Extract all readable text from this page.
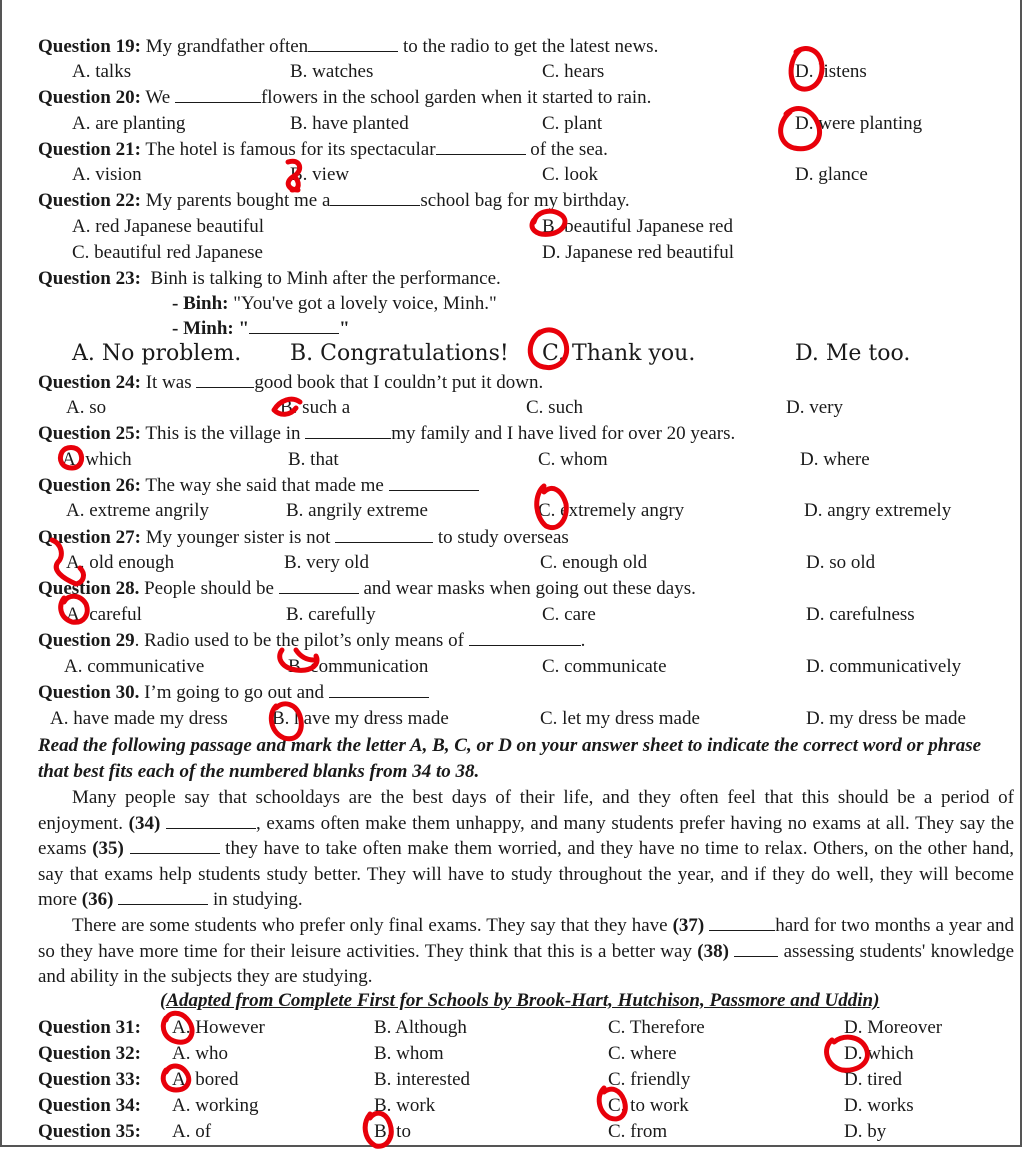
Question 19: My grandfather often	to the radio to get the latest news.
A. talks	B. watches	C. hears	D. listens
Question 20: We	flowers in the school garden when it started to rain.
A. are planting	B. have planted	C. plant	D. were planting
Question 21: The hotel is famous for its spectacular	of the sea.
A. vision	B. view	C. look	D. glance
Question 22: My parents bought me a	school bag for my birthday.
A. red Japanese beautiful	B. beautiful Japanese red
C. beautiful red Japanese	D. Japanese red beautiful
Question 23: Binh is talking to Minh after the performance.
- Binh: "You've got a lovely voice, Minh."
- Minh: "	"
A. No problem. B. Congratulations! C. Thank you.	D. Me too.
Question 24: It was	good book that I couldn’t put it down.
A. so	B. such a	C. such	D. very
Question 25: This is the village in	my family and I have lived for over 20 years.
A. which	B. that	C. whom	D. where
Question 26: The way she said that made me
A. extreme angrily	B. angrily extreme	C. extremely angry	D. angry extremely
Question 27: My younger sister is not	to study overseas
A. old enough	B. very old	C. enough old	D. so old
Question 28. People should be	and wear masks when going out these days.
A. careful	B. carefully	C. care	D. carefulness
Question 29. Radio used to be the pilot’s only means of	.
A. communicative	B. communication	C. communicate	D. communicatively
Question 30. I’m going to go out and
A. have made my dress B. have my dress made	C. let my dress made	D. my dress be made
Read the following passage and mark the letter A, B, C, or D on your answer sheet to indicate the correct word or phrase that best fits each of the numbered blanks from 34 to 38.
Many people say that schooldays are the best days of their life, and they often feel that this should be a period of enjoyment. (34)	, exams often make them unhappy, and many students prefer having no exams at all. They say the exams (35)	they have to take often make them worried, and they have no time to relax. Others, on the other hand, say that exams help students study better. They will have to study throughout the year, and if they do well, they will become more (36)	in studying.
There are some students who prefer only final exams. They say that they have (37)	hard for two months a year and so they have more time for their leisure activities. They think that this is a better way (38)	assessing students' knowledge and ability in the subjects they are studying.
(Adapted from Complete First for Schools by Brook-Hart, Hutchison, Passmore and Uddin)
Question 31: A. However	B. Although	C. Therefore	D. Moreover
Question 32: A. who	B. whom	C. where	D. which
Question 33: A. bored	B. interested	C. friendly	D. tired
Question 34: A. working	B. work	C. to work	D. works
Question 35: A. of	B. to	C. from	D. by
